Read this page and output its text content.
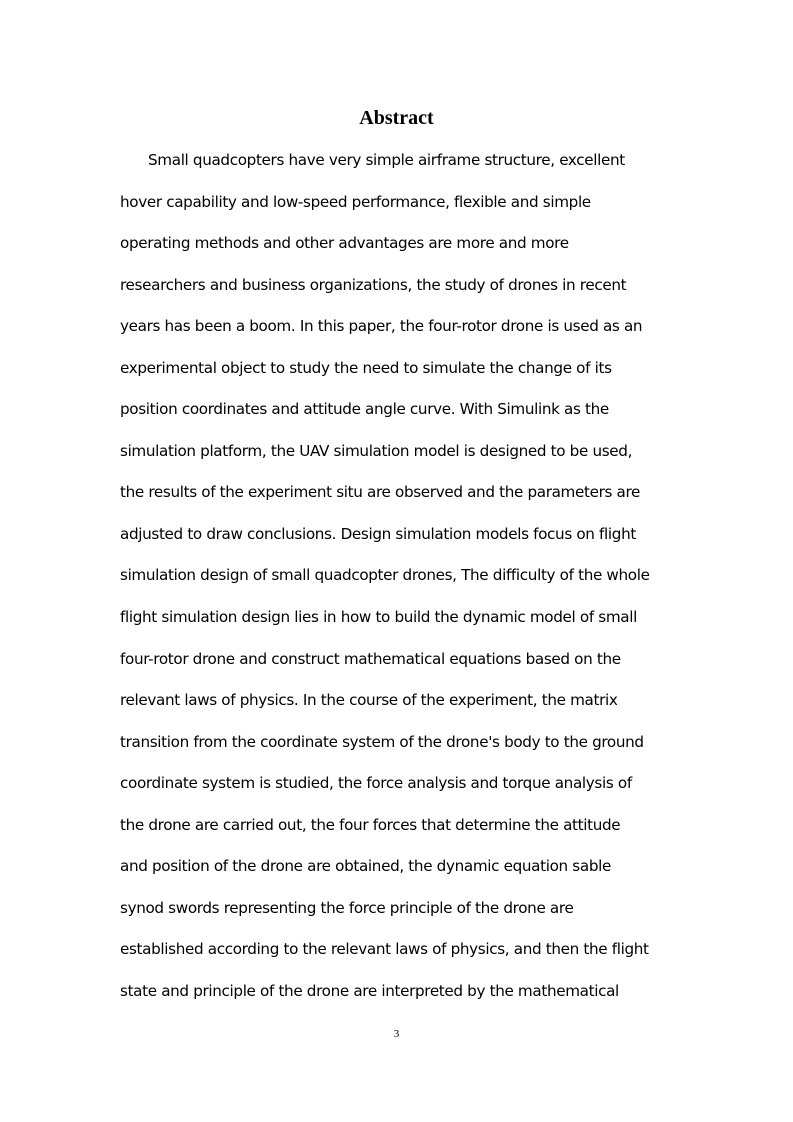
Abstract
Small quadcopters have very simple airframe structure, excellent
hover capability and low-speed performance, flexible and simple
operating methods and other advantages are more and more
researchers and business organizations, the study of drones in recent
years has been a boom. In this paper, the four-rotor drone is used as an
experimental object to study the need to simulate the change of its
position coordinates and attitude angle curve. With Simulink as the
simulation platform, the UAV simulation model is designed to be used,
the results of the experiment situ are observed and the parameters are
adjusted to draw conclusions. Design simulation models focus on flight
simulation design of small quadcopter drones, The difficulty of the whole
flight simulation design lies in how to build the dynamic model of small
four-rotor drone and construct mathematical equations based on the
relevant laws of physics. In the course of the experiment, the matrix
transition from the coordinate system of the drone's body to the ground
coordinate system is studied, the force analysis and torque analysis of
the drone are carried out, the four forces that determine the attitude
and position of the drone are obtained, the dynamic equation sable
synod swords representing the force principle of the drone are
established according to the relevant laws of physics, and then the flight
state and principle of the drone are interpreted by the mathematical
3
